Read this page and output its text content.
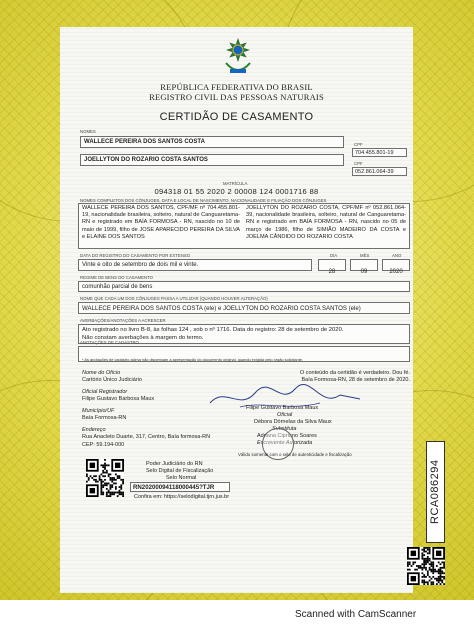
REPÚBLICA FEDERATIVA DO BRASIL
REGISTRO CIVIL DAS PESSOAS NATURAIS
CERTIDÃO DE CASAMENTO
NOMES
WALLECE PEREIRA DOS SANTOS COSTA
JOELLYTON DO ROZARIO COSTA SANTOS
CPF
704.455.801-19
CPF
052.861.064-39
MATRÍCULA
094318 01 55 2020 2 00008 124 0001716 88
NOMES COMPLETOS DOS CÔNJUGES, DATA E LOCAL DE NASCIMENTO, NACIONALIDADE E FILIAÇÃO DOS CÔNJUGES
WALLECE PEREIRA DOS SANTOS, CPF/MF nº 704.455.801-19, nacionalidade brasileira, solteiro, natural de Canguaretama-RN e registrado em BAÍA FORMOSA - RN, nascido no 10 de maio de 1999, filho de JOSE APARECIDO PEREIRA DA SILVA e ELAINE DOS SANTOS
JOELLYTON DO ROZARIO COSTA, CPF/MF nº 052.861.064-39, nacionalidade brasileira, solteiro, natural de Canguaretama-RN e registrado em BAÍA FORMOSA - RN, nascido no 05 de março de 1986, filho de SIMIÃO MADEIRO DA COSTA e JOELMA CÂNDIDO DO ROZARIO COSTA
DATA DO REGISTRO DO CASAMENTO POR EXTENSO
Vinte e oito de setembro de dois mil e vinte.
DIA	MÊS	ANO
28	09	2020
REGIME DE BENS DO CASAMENTO
comunhão parcial de bens
NOME QUE CADA UM DOS CÔNJUGES PASSA A UTILIZAR (QUANDO HOUVER ALTERAÇÃO)
WALLECE PEREIRA DOS SANTOS COSTA (ele) e JOELLYTON DO ROZARIO COSTA SANTOS (ele)
AVERBAÇÕES/ANOTAÇÕES A ACRESCER
Ato registrado no livro B-8, às folhas 124 , sob o nº 1716. Data do registro: 28 de setembro de 2020.
Não constam averbações à margem do termo.
ANOTAÇÕES DE CADASTRO
* As anotações de cadastro acima não dispensam a apresentação do documento original, quando exigida pelo órgão solicitante.
Nome do Ofício
Cartório Único Judiciário
Oficial Registrador
Filipe Gustavo Barbosa Maux
Município/UF
Baía Formosa-RN
Endereço
Rua Anacleto Duarte, 317, Centro, Baía formosa-RN
CEP: 59.194-000
O conteúdo da certidão é verdadeiro. Dou fé.
Baía Formosa-RN, 28 de setembro de 2020.
Filipe Gustavo Barbosa Maux
Oficial
Débora Dórnelas da Silva Maux
Substituta
Adriana Cipriano Soares
Escrevente Autorizada
Válido somente com o selo de autenticidade e fiscalização
Poder Judiciário do RN
Selo Digital de Fiscalização
Selo Normal
RN20200094118000445?TJR
Confira em: https://selodigital.tjrn.jus.br	RCA086294
Scanned with CamScanner
